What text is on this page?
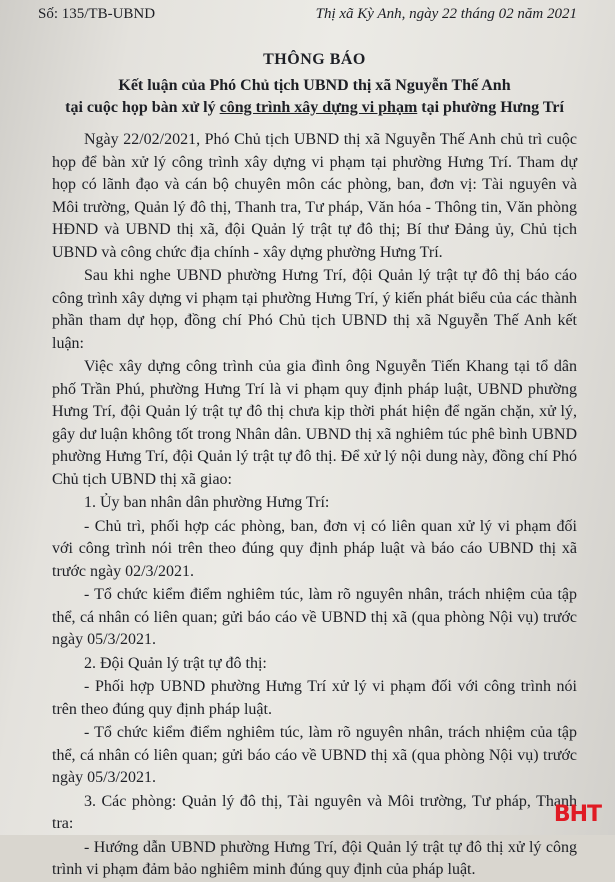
Số: 135/TB-UBND	Thị xã Kỳ Anh, ngày 22 tháng 02 năm 2021
THÔNG BÁO
Kết luận của Phó Chủ tịch UBND thị xã Nguyễn Thế Anh
tại cuộc họp bàn xử lý công trình xây dựng vi phạm tại phường Hưng Trí

Ngày 22/02/2021, Phó Chủ tịch UBND thị xã Nguyễn Thế Anh chủ trì cuộc họp để bàn xử lý công trình xây dựng vi phạm tại phường Hưng Trí. Tham dự họp có lãnh đạo và cán bộ chuyên môn các phòng, ban, đơn vị: Tài nguyên và Môi trường, Quản lý đô thị, Thanh tra, Tư pháp, Văn hóa - Thông tin, Văn phòng HĐND và UBND thị xã, đội Quản lý trật tự đô thị; Bí thư Đảng ủy, Chủ tịch UBND và công chức địa chính - xây dựng phường Hưng Trí.

Sau khi nghe UBND phường Hưng Trí, đội Quản lý trật tự đô thị báo cáo công trình xây dựng vi phạm tại phường Hưng Trí, ý kiến phát biểu của các thành phần tham dự họp, đồng chí Phó Chủ tịch UBND thị xã Nguyễn Thế Anh kết luận:

Việc xây dựng công trình của gia đình ông Nguyễn Tiến Khang tại tổ dân phố Trần Phú, phường Hưng Trí là vi phạm quy định pháp luật, UBND phường Hưng Trí, đội Quản lý trật tự đô thị chưa kịp thời phát hiện để ngăn chặn, xử lý, gây dư luận không tốt trong Nhân dân. UBND thị xã nghiêm túc phê bình UBND phường Hưng Trí, đội Quản lý trật tự đô thị. Để xử lý nội dung này, đồng chí Phó Chủ tịch UBND thị xã giao:

1. Ủy ban nhân dân phường Hưng Trí:

- Chủ trì, phối hợp các phòng, ban, đơn vị có liên quan xử lý vi phạm đối với công trình nói trên theo đúng quy định pháp luật và báo cáo UBND thị xã trước ngày 02/3/2021.

- Tổ chức kiểm điểm nghiêm túc, làm rõ nguyên nhân, trách nhiệm của tập thể, cá nhân có liên quan; gửi báo cáo về UBND thị xã (qua phòng Nội vụ) trước ngày 05/3/2021.

2. Đội Quản lý trật tự đô thị:

- Phối hợp UBND phường Hưng Trí xử lý vi phạm đối với công trình nói trên theo đúng quy định pháp luật.

- Tổ chức kiểm điểm nghiêm túc, làm rõ nguyên nhân, trách nhiệm của tập thể, cá nhân có liên quan; gửi báo cáo về UBND thị xã (qua phòng Nội vụ) trước ngày 05/3/2021.

3. Các phòng: Quản lý đô thị, Tài nguyên và Môi trường, Tư pháp, Thanh tra:

- Hướng dẫn UBND phường Hưng Trí, đội Quản lý trật tự đô thị xử lý công trình vi phạm đảm bảo nghiêm minh đúng quy định của pháp luật.

BHT
